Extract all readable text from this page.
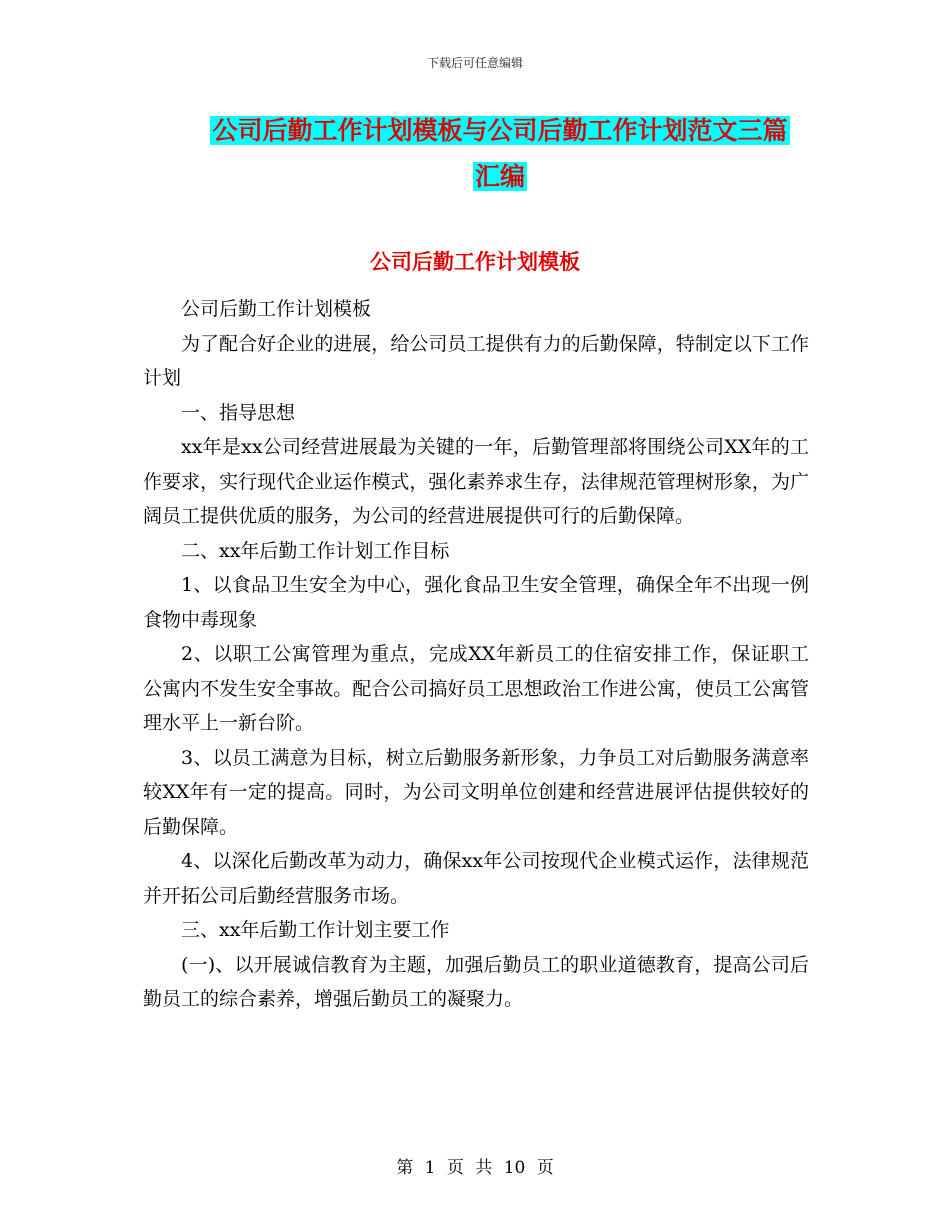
下载后可任意编辑
公司后勤工作计划模板与公司后勤工作计划范文三篇
汇编
公司后勤工作计划模板

公司后勤工作计划模板

为了配合好企业的进展，给公司员工提供有力的后勤保障，特制定以下工作计划

一、指导思想

xx年是xx公司经营进展最为关键的一年，后勤管理部将围绕公司XX年的工作要求，实行现代企业运作模式，强化素养求生存，法律规范管理树形象，为广阔员工提供优质的服务，为公司的经营进展提供可行的后勤保障。

二、xx年后勤工作计划工作目标

1、以食品卫生安全为中心，强化食品卫生安全管理，确保全年不出现一例食物中毒现象

2、以职工公寓管理为重点，完成XX年新员工的住宿安排工作，保证职工公寓内不发生安全事故。配合公司搞好员工思想政治工作进公寓，使员工公寓管理水平上一新台阶。

3、以员工满意为目标，树立后勤服务新形象，力争员工对后勤服务满意率较XX年有一定的提高。同时，为公司文明单位创建和经营进展评估提供较好的后勤保障。

4、以深化后勤改革为动力，确保xx年公司按现代企业模式运作，法律规范并开拓公司后勤经营服务市场。

三、xx年后勤工作计划主要工作

(一)、以开展诚信教育为主题，加强后勤员工的职业道德教育，提高公司后勤员工的综合素养，增强后勤员工的凝聚力。

第 1 页 共 10 页
